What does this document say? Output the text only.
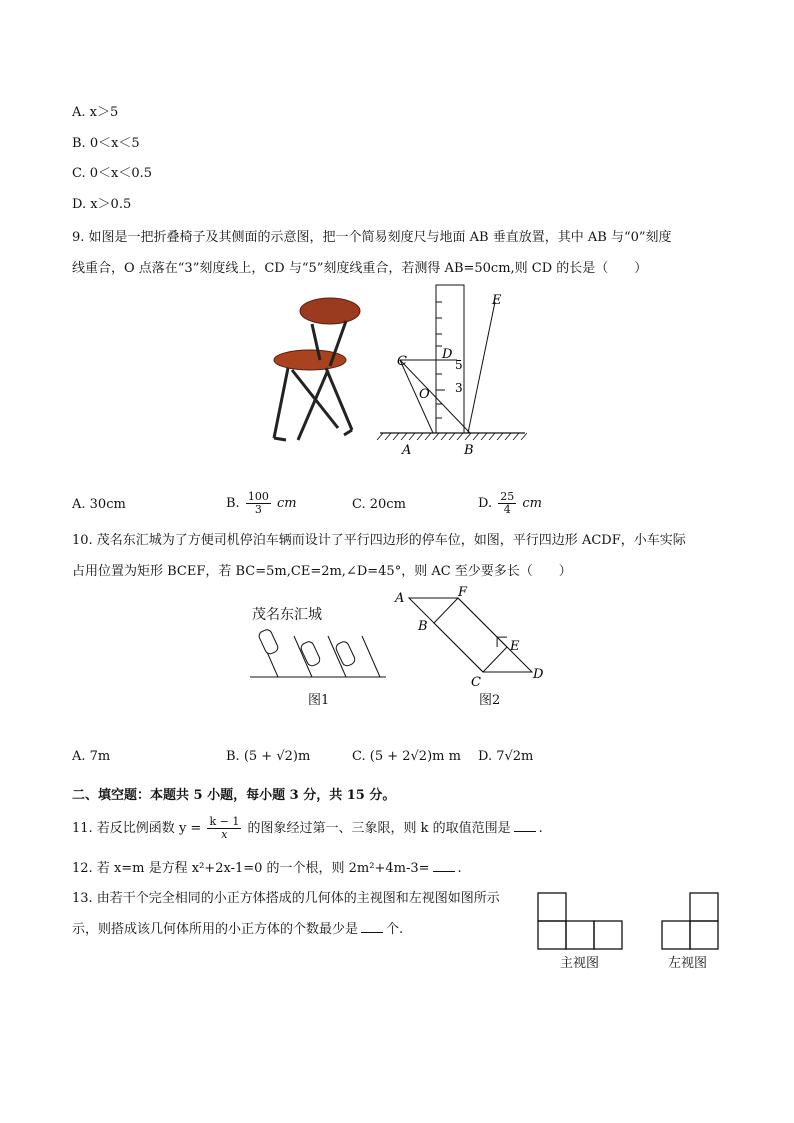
A. x＞5
B. 0＜x＜5
C. 0＜x＜0.5
D. x＞0.5
9. 如图是一把折叠椅子及其侧面的示意图，把一个简易刻度尺与地面 AB 垂直放置，其中 AB 与“0”刻度
线重合，O 点落在“3”刻度线上，CD 与“5”刻度线重合，若测得 AB=50cm,则 CD 的长是（　　）
E
D
5
C
O 3
A	B
A. 30cm	B. $\frac{100}{3}$ cm	C. 20cm	D. $\frac{25}{4}$ cm
10. 茂名东汇城为了方便司机停泊车辆而设计了平行四边形的停车位，如图，平行四边形 ACDF，小车实际
占用位置为矩形 BCEF，若 BC=5m,CE=2m,∠D=45°，则 AC 至少要多长（　　）
茂名东汇城
图1
A	F
B
E
C
D
图2
A. 7m	B. (5 + √2)m	C. (5 + 2√2)m m D. 7√2m
二、填空题：本题共 5 小题，每小题 3 分，共 15 分。
11. 若反比例函数 $y = \frac{k - 1}{x}$ 的图象经过第一、三象限，则 k 的取值范围是 .
12. 若 x=m 是方程 x²+2x-1=0 的一个根，则 2m²+4m-3= .
13. 由若干个完全相同的小正方体搭成的几何体的主视图和左视图如图所示
示，则搭成该几何体所用的小正方体的个数最少是 个.
主视图	左视图
